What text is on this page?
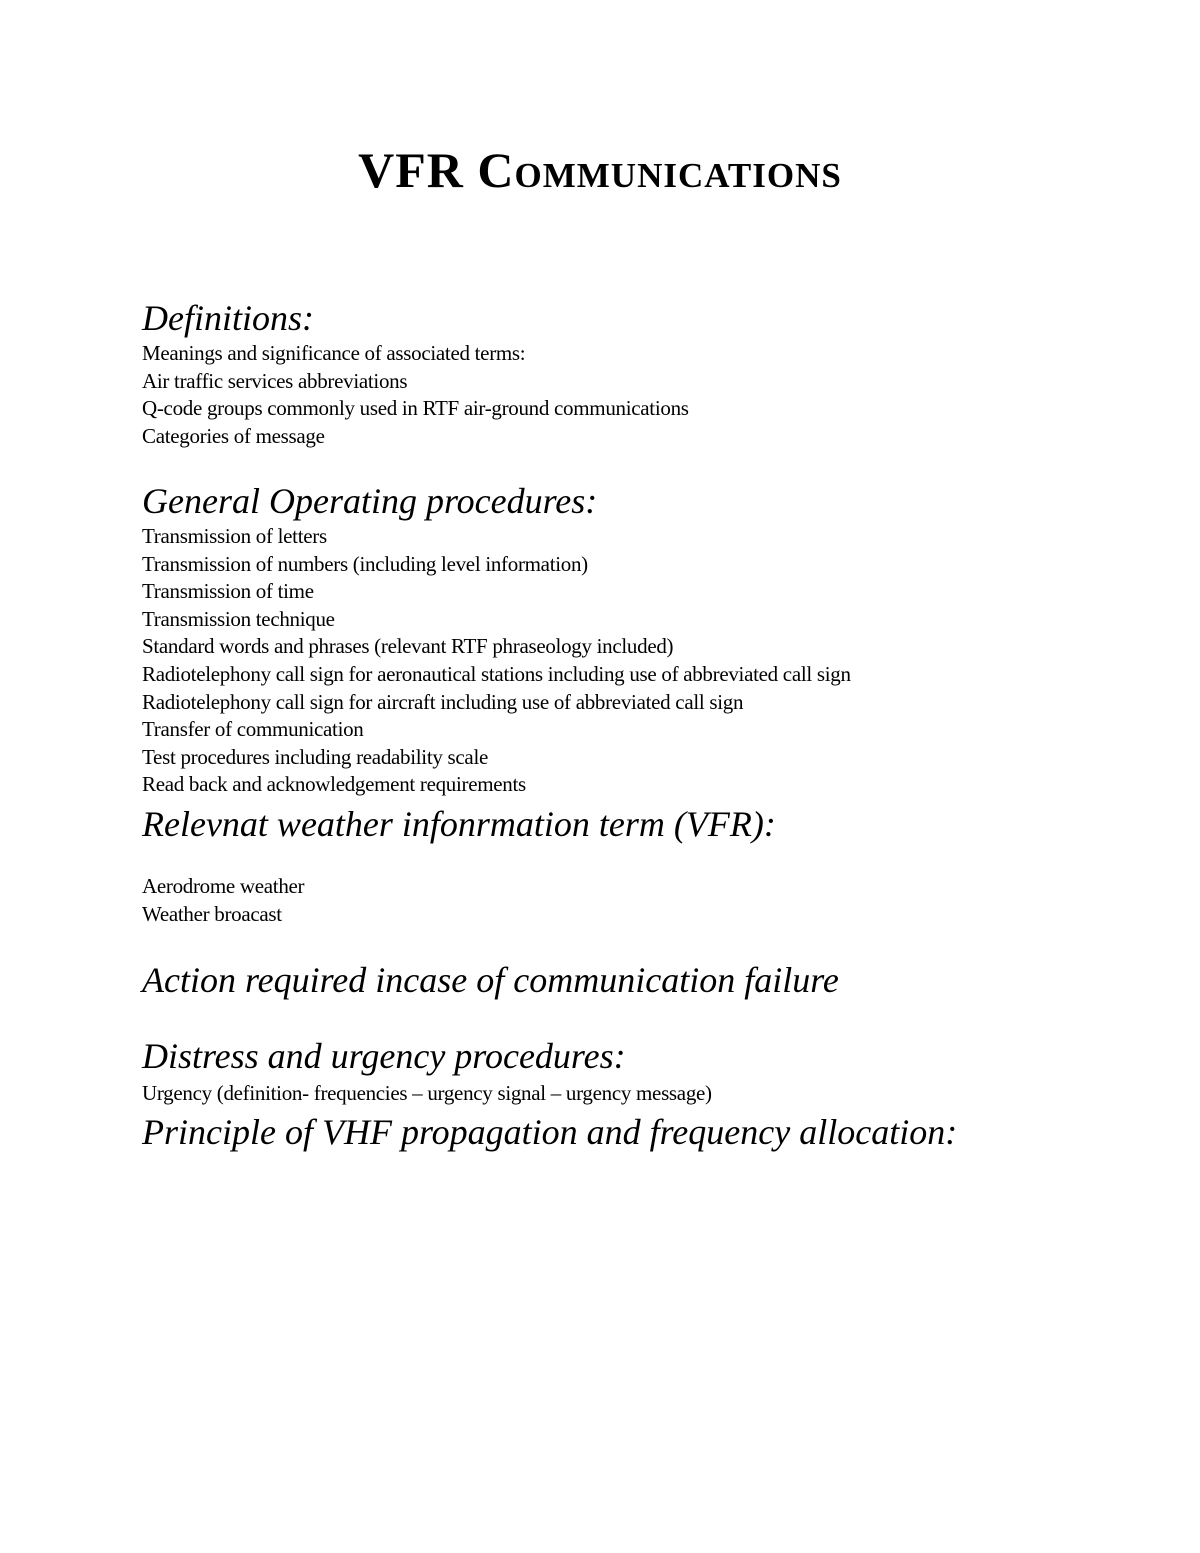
VFR Communications
Definitions:
Meanings and significance of associated terms:
Air traffic services abbreviations
Q-code groups commonly used in RTF air-ground communications
Categories of message
General Operating procedures:
Transmission of letters
Transmission of numbers (including level information)
Transmission of time
Transmission technique
Standard words and phrases (relevant RTF phraseology included)
Radiotelephony call sign for aeronautical stations including use of abbreviated call sign
Radiotelephony call sign for aircraft including use of abbreviated call sign
Transfer of communication
Test procedures including readability scale
Read back and acknowledgement requirements
Relevnat weather infonrmation term (VFR):
Aerodrome weather
Weather broacast
Action required incase of communication failure
Distress and urgency procedures:
Urgency (definition- frequencies – urgency signal – urgency message)
Principle of VHF propagation and frequency allocation:
